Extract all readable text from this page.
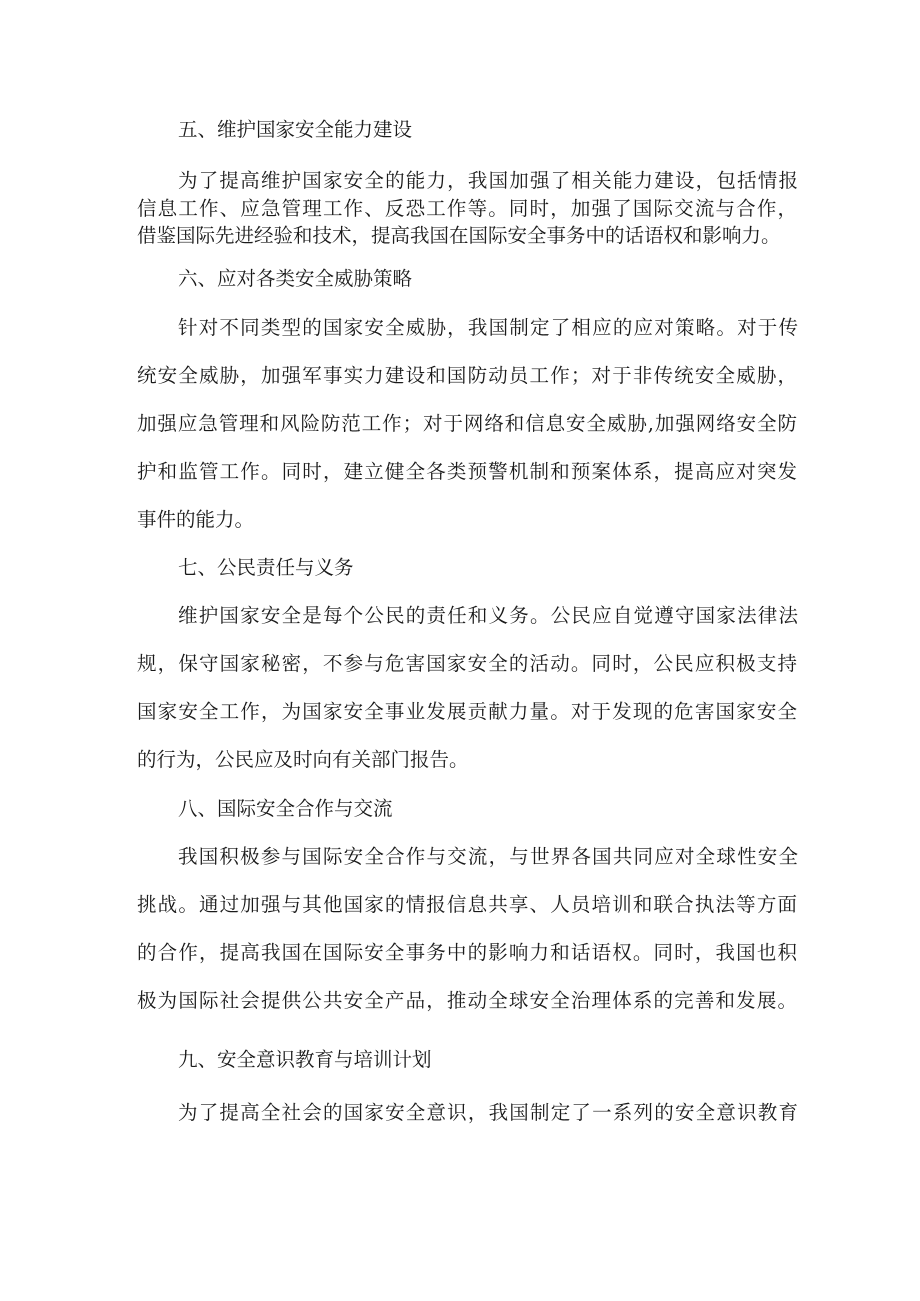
五、维护国家安全能力建设
为了提高维护国家安全的能力，我国加强了相关能力建设，包括情报
信息工作、应急管理工作、反恐工作等。同时，加强了国际交流与合作，
借鉴国际先进经验和技术，提高我国在国际安全事务中的话语权和影响力。
六、应对各类安全威胁策略
针对不同类型的国家安全威胁，我国制定了相应的应对策略。对于传
统安全威胁，加强军事实力建设和国防动员工作；对于非传统安全威胁，
加强应急管理和风险防范工作；对于网络和信息安全威胁,加强网络安全防
护和监管工作。同时，建立健全各类预警机制和预案体系，提高应对突发
事件的能力。
七、公民责任与义务
维护国家安全是每个公民的责任和义务。公民应自觉遵守国家法律法
规，保守国家秘密，不参与危害国家安全的活动。同时，公民应积极支持
国家安全工作，为国家安全事业发展贡献力量。对于发现的危害国家安全
的行为，公民应及时向有关部门报告。
八、国际安全合作与交流
我国积极参与国际安全合作与交流，与世界各国共同应对全球性安全
挑战。通过加强与其他国家的情报信息共享、人员培训和联合执法等方面
的合作，提高我国在国际安全事务中的影响力和话语权。同时，我国也积
极为国际社会提供公共安全产品，推动全球安全治理体系的完善和发展。
九、安全意识教育与培训计划
为了提高全社会的国家安全意识，我国制定了一系列的安全意识教育
